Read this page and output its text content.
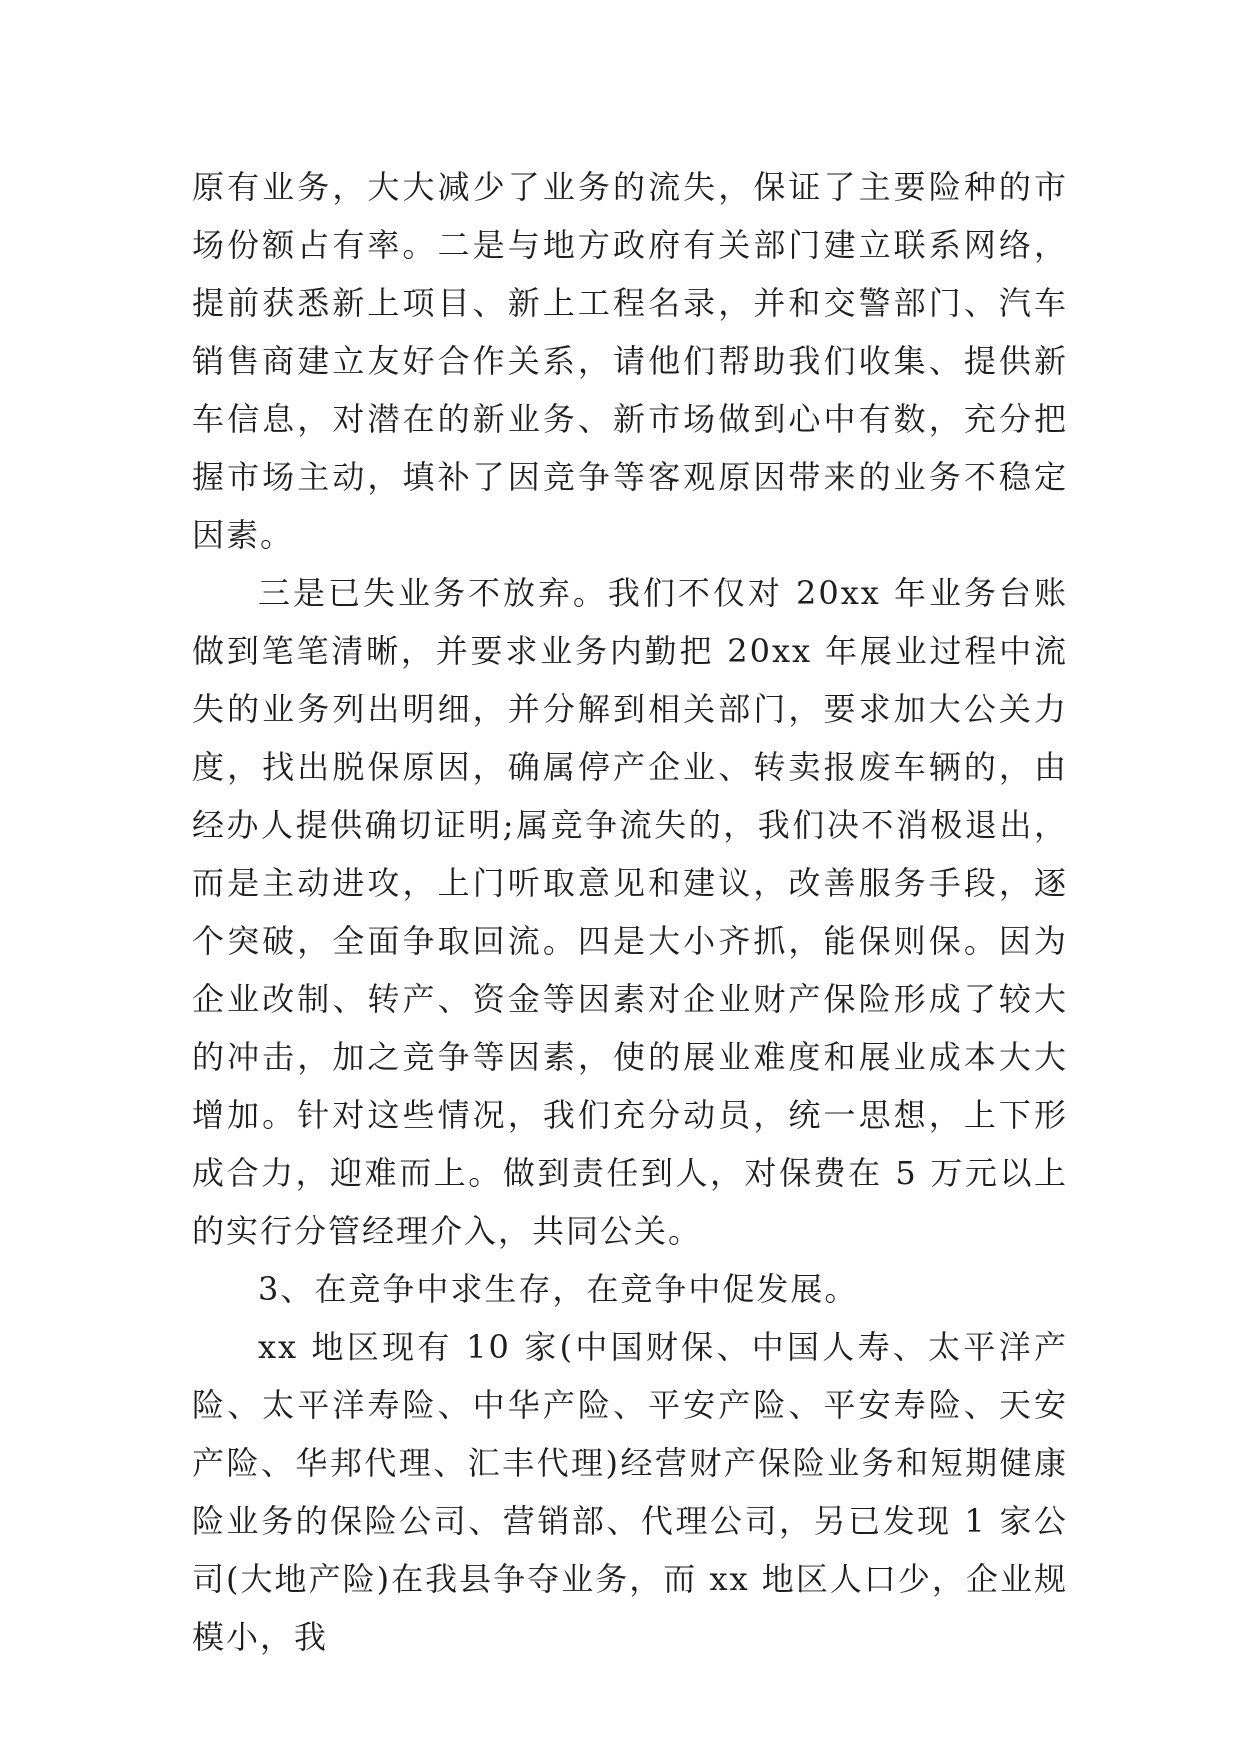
原有业务，大大减少了业务的流失，保证了主要险种的市场份额占有率。二是与地方政府有关部门建立联系网络，提前获悉新上项目、新上工程名录，并和交警部门、汽车销售商建立友好合作关系，请他们帮助我们收集、提供新车信息，对潜在的新业务、新市场做到心中有数，充分把握市场主动，填补了因竞争等客观原因带来的业务不稳定因素。

三是已失业务不放弃。我们不仅对 20xx 年业务台账做到笔笔清晰，并要求业务内勤把 20xx 年展业过程中流失的业务列出明细，并分解到相关部门，要求加大公关力度，找出脱保原因，确属停产企业、转卖报废车辆的，由经办人提供确切证明;属竞争流失的，我们决不消极退出，而是主动进攻，上门听取意见和建议，改善服务手段，逐个突破，全面争取回流。四是大小齐抓，能保则保。因为企业改制、转产、资金等因素对企业财产保险形成了较大的冲击，加之竞争等因素，使的展业难度和展业成本大大增加。针对这些情况，我们充分动员，统一思想，上下形成合力，迎难而上。做到责任到人，对保费在 5 万元以上的实行分管经理介入，共同公关。

3、在竞争中求生存，在竞争中促发展。

xx 地区现有 10 家(中国财保、中国人寿、太平洋产险、太平洋寿险、中华产险、平安产险、平安寿险、天安产险、华邦代理、汇丰代理)经营财产保险业务和短期健康险业务的保险公司、营销部、代理公司，另已发现 1 家公司(大地产险)在我县争夺业务，而 xx 地区人口少，企业规模小，我
